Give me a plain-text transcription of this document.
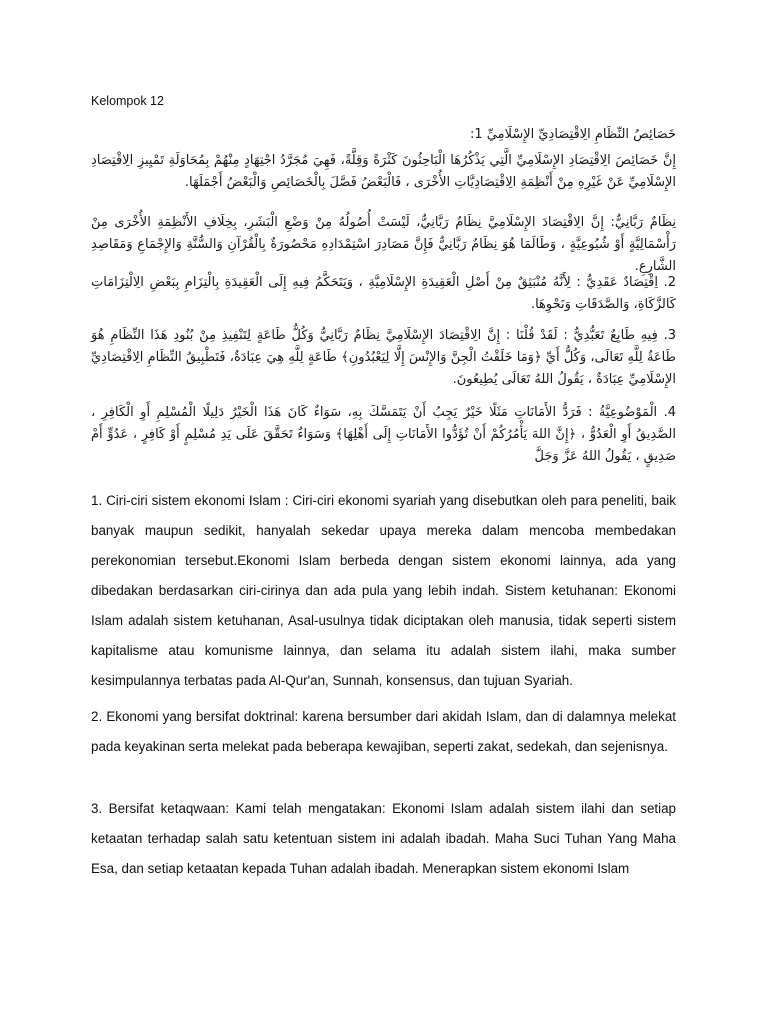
Kelompok 12
خَصَائِصُ النِّظَامِ الِاقْتِصَادِيِّ الإِسْلَامِيِّ 1:
إِنَّ خَصَائِصَ الِاقْتِصَادِ الإِسْلَامِيِّ الَّتِي يَذْكُرُهَا الْبَاحِثُونَ كَثْرَةً وَقِلَّةً، فَهِيَ مُجَرَّدُ اجْتِهَادٍ مِنْهُمْ بِمُحَاوَلَةِ تَمْيِيزِ الِاقْتِصَادِ الإِسْلَامِيِّ عَنْ غَيْرِهِ مِنْ أَنْظِمَةِ الِاقْتِصَادِيَّاتِ الأُخْرَى ، فَالْبَعْضُ فَصَّلَ بِالْخَصَائِصِ وَالْبَعْضُ أَجْمَلَهَا.
نِظَامٌ رَبَّانِيٌّ: إِنَّ الِاقْتِصَادَ الإِسْلَامِيَّ نِظَامٌ رَبَّانِيٌّ، لَيْسَتْ أُصُولُهُ مِنْ وَضْعِ الْبَشَرِ، بِخِلَافِ الأَنْظِمَةِ الأُخْرَى مِنْ رَأْسْمَالِيَّةٍ أَوْ شُيُوعِيَّةٍ ، وَطَالَمَا هُوَ نِظَامٌ رَبَّانِيٌّ فَإِنَّ مَصَادِرَ اسْتِمْدَادِهِ مَحْصُورَةٌ بِالْقُرْآنِ وَالسُّنَّةِ وَالإِجْمَاعِ وَمَقَاصِدِ الشَّارِعِ.
2. اِقْتِصَادٌ عَقَدِيٌّ : لِأَنَّهُ مُنْبَثِقٌ مِنْ أَصْلِ الْعَقِيدَةِ الإِسْلَامِيَّةِ ، وَيَتَحَكَّمُ فِيهِ إِلَى الْعَقِيدَةِ بِالْتِزَامِ بِبَعْضِ الِالْتِزَامَاتِ كَالزَّكَاةِ، وَالصَّدَقَاتِ وَنَحْوِهَا.
3. فِيهِ طَابِعٌ تَعَبُّدِيٌّ : لَقَدْ قُلْنَا : إِنَّ الِاقْتِصَادَ الإِسْلَامِيَّ نِظَامٌ رَبَّانِيٌّ وَكُلُّ طَاعَةٍ لِتَنْفِيذِ مِنْ بُنُودِ هَذَا النِّظَامِ هُوَ طَاعَةٌ لِلَّهِ تَعَالَى، وَكُلُّ أَيِّ ﴿وَمَا خَلَقْتُ الْجِنَّ وَالإِنْسَ إِلَّا لِيَعْبُدُونِ﴾ طَاعَةٍ لِلَّهِ هِيَ عِبَادَةٌ، فَتَطْبِيقُ النِّظَامِ الِاقْتِصَادِيِّ الإِسْلَامِيِّ عِبَادَةٌ ، يَقُولُ اللهُ تَعَالَى يُطِيعُونَ.
4. الْمَوْضُوعِيَّةُ : فَرَدُّ الأَمَانَاتِ مَثَلًا خَيْرٌ يَجِبُ أَنْ يَتَمَسَّكَ بِهِ، سَوَاءٌ كَانَ هَذَا الْخَيْرُ دَلِيلًا الْمُسْلِمِ أَوِ الْكَافِرِ ، الصَّدِيقُ أَوِ الْعَدُوُّ ، ﴿إِنَّ اللهَ يَأْمُرُكُمْ أَنْ تُؤَدُّوا الأَمَانَاتِ إِلَى أَهْلِهَا﴾ وَسَوَاءٌ تَحَقَّقَ عَلَى يَدِ مُسْلِمٍ أَوْ كَافِرٍ ، عَدُوٍّ أَمْ صَدِيقٍ ، يَقُولُ اللهُ عَزَّ وَجَلَّ
1. Ciri-ciri sistem ekonomi Islam : Ciri-ciri ekonomi syariah yang disebutkan oleh para peneliti, baik banyak maupun sedikit, hanyalah sekedar upaya mereka dalam mencoba membedakan perekonomian tersebut.Ekonomi Islam berbeda dengan sistem ekonomi lainnya, ada yang dibedakan berdasarkan ciri-cirinya dan ada pula yang lebih indah. Sistem ketuhanan: Ekonomi Islam adalah sistem ketuhanan, Asal-usulnya tidak diciptakan oleh manusia, tidak seperti sistem kapitalisme atau komunisme lainnya, dan selama itu adalah sistem ilahi, maka sumber kesimpulannya terbatas pada Al-Qur'an, Sunnah, konsensus, dan tujuan Syariah.
2. Ekonomi yang bersifat doktrinal: karena bersumber dari akidah Islam, dan di dalamnya melekat pada keyakinan serta melekat pada beberapa kewajiban, seperti zakat, sedekah, dan sejenisnya.
3. Bersifat ketaqwaan: Kami telah mengatakan: Ekonomi Islam adalah sistem ilahi dan setiap ketaatan terhadap salah satu ketentuan sistem ini adalah ibadah. Maha Suci Tuhan Yang Maha Esa, dan setiap ketaatan kepada Tuhan adalah ibadah. Menerapkan sistem ekonomi Islam
